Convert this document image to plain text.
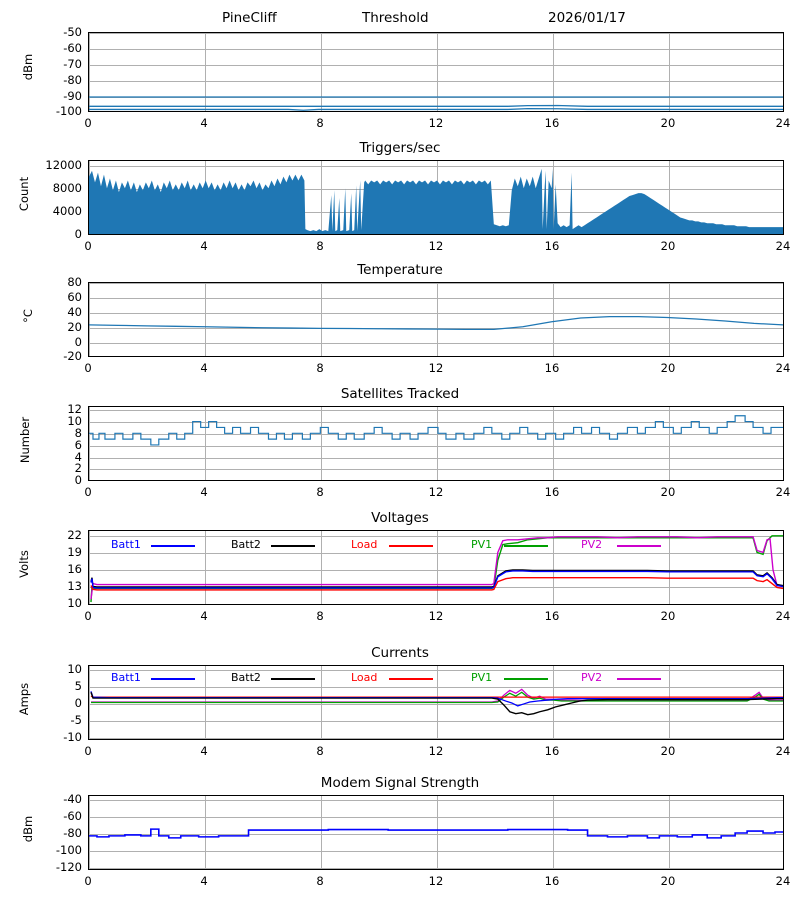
PineCliff	Threshold	2026/01/17
dBm
-50
-60
-70
-80
-90
-100
0	4	8	12	16	20	24
Triggers/sec
Count
12000
8000
4000
0
0	4	8	12	16	20	24
Temperature
°C
80
60
40
20
0
-20
0	4	8	12	16	20	24
Satellites Tracked
Number
12
10
8
6
4
2
0
0	4	8	12	16	20	24
Voltages
Batt1	Batt2	Load	PV1	PV2
Volts
22
19
16
13
10
0	4	8	12	16	20	24
Currents
Batt1	Batt2	Load	PV1	PV2
Amps
10
5
0
-5
-10
0	4	8	12	16	20	24
Modem Signal Strength
dBm
-40
-60
-80
-100
-120
0	4	8	12	16	20	24
